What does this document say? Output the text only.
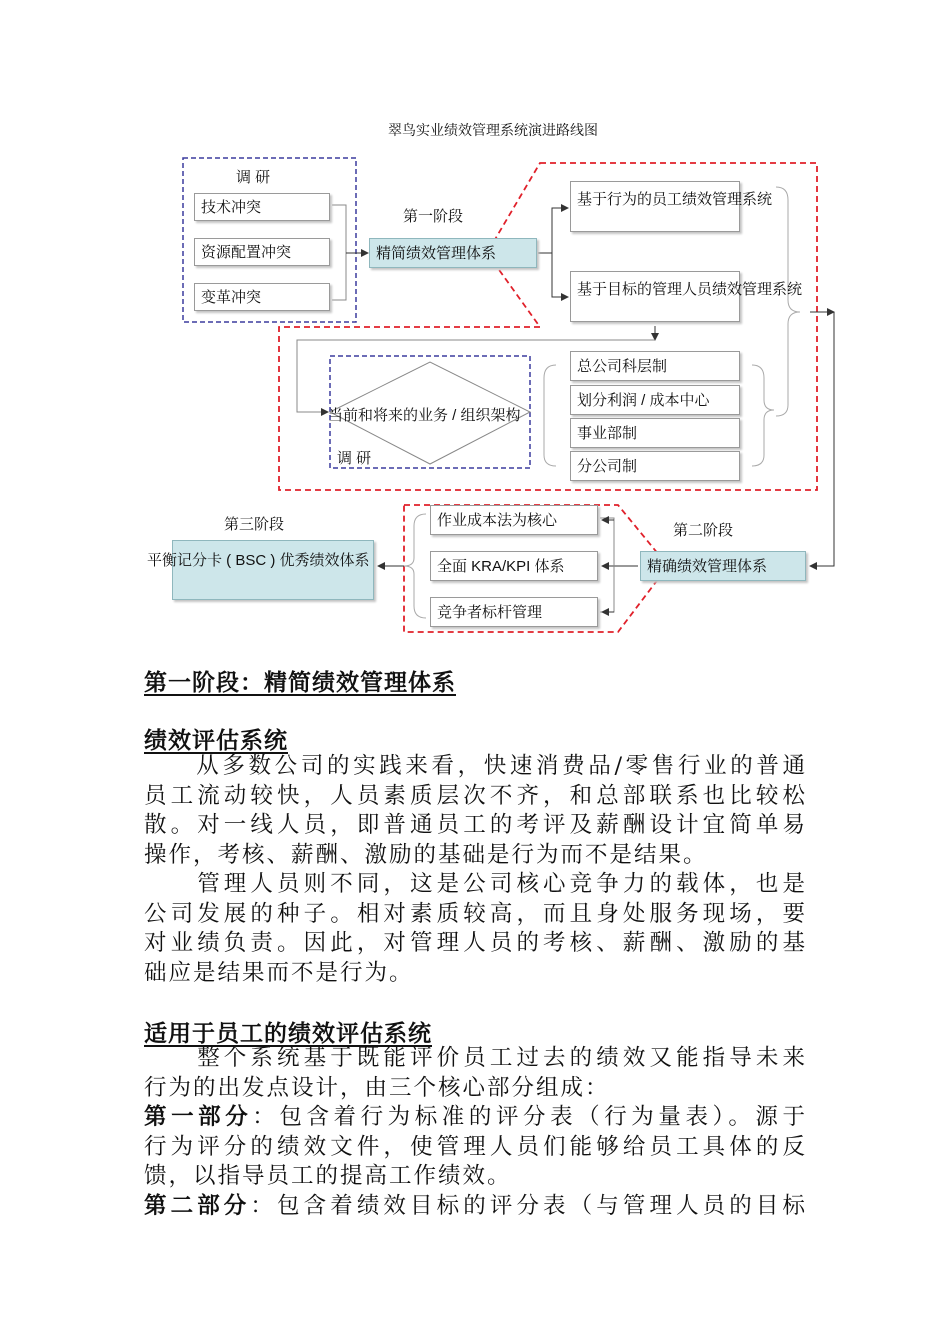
翠鸟实业绩效管理系统演进路线图
调 研
技术冲突
资源配置冲突
变革冲突
第一阶段
精简绩效管理体系
基于行为的员工绩效管理系统
基于目标的管理人员绩效管理系统
当前和将来的业务 / 组织架构
调 研
总公司科层制
划分利润 / 成本中心
事业部制
分公司制
第三阶段
平衡记分卡 ( BSC ) 优秀绩效体系
作业成本法为核心
全面 KRA/KPI 体系
竞争者标杆管理
第二阶段
精确绩效管理体系
第一阶段：精简绩效管理体系
绩效评估系统
　　从多数公司的实践来看，快速消费品/零售行业的普通
员工流动较快，人员素质层次不齐，和总部联系也比较松
散。对一线人员，即普通员工的考评及薪酬设计宜简单易
操作，考核、薪酬、激励的基础是行为而不是结果。
　　管理人员则不同，这是公司核心竞争力的载体，也是
公司发展的种子。相对素质较高，而且身处服务现场，要
对业绩负责。因此，对管理人员的考核、薪酬、激励的基
础应是结果而不是行为。
适用于员工的绩效评估系统
　　整个系统基于既能评价员工过去的绩效又能指导未来
行为的出发点设计，由三个核心部分组成：
第一部分：包含着行为标准的评分表（行为量表）。源于
行为评分的绩效文件，使管理人员们能够给员工具体的反
馈，以指导员工的提高工作绩效。
第二部分：包含着绩效目标的评分表（与管理人员的目标
